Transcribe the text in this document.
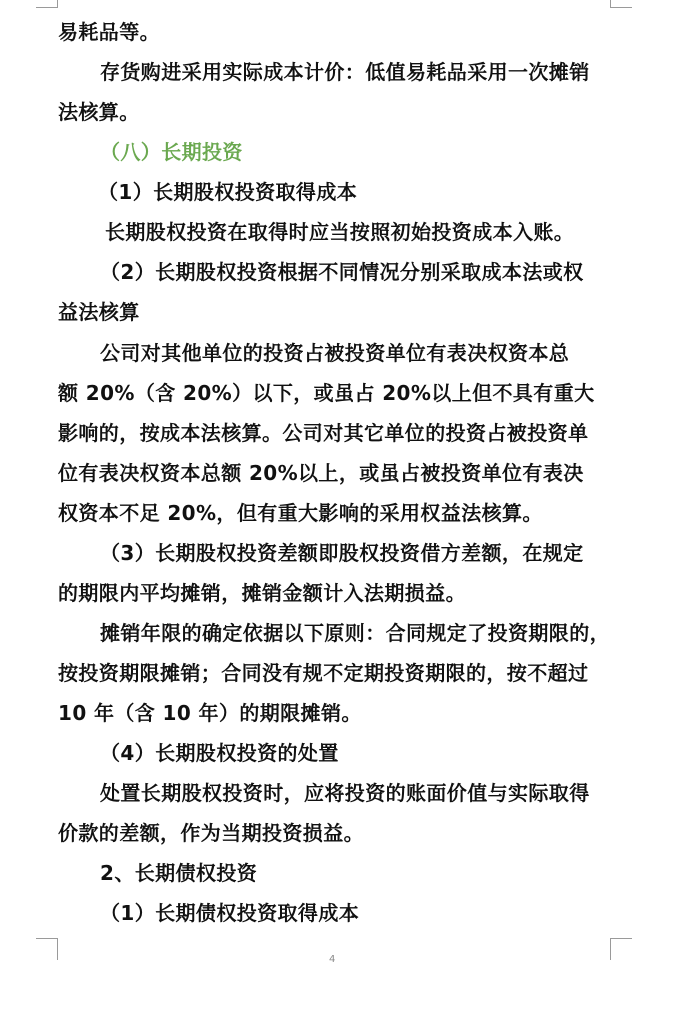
易耗品等。
存货购进采用实际成本计价：低值易耗品采用一次摊销
法核算。
（八）长期投资
（1）长期股权投资取得成本
长期股权投资在取得时应当按照初始投资成本入账。
（2）长期股权投资根据不同情况分别采取成本法或权
益法核算
公司对其他单位的投资占被投资单位有表决权资本总
额 20%（含 20%）以下，或虽占 20%以上但不具有重大
影响的，按成本法核算。公司对其它单位的投资占被投资单
位有表决权资本总额 20%以上，或虽占被投资单位有表决
权资本不足 20%，但有重大影响的采用权益法核算。
（3）长期股权投资差额即股权投资借方差额，在规定
的期限内平均摊销，摊销金额计入法期损益。
摊销年限的确定依据以下原则：合同规定了投资期限的，
按投资期限摊销；合同没有规不定期投资期限的，按不超过
10 年（含 10 年）的期限摊销。
（4）长期股权投资的处置
处置长期股权投资时，应将投资的账面价值与实际取得
价款的差额，作为当期投资损益。
2、长期债权投资
（1）长期债权投资取得成本
4
